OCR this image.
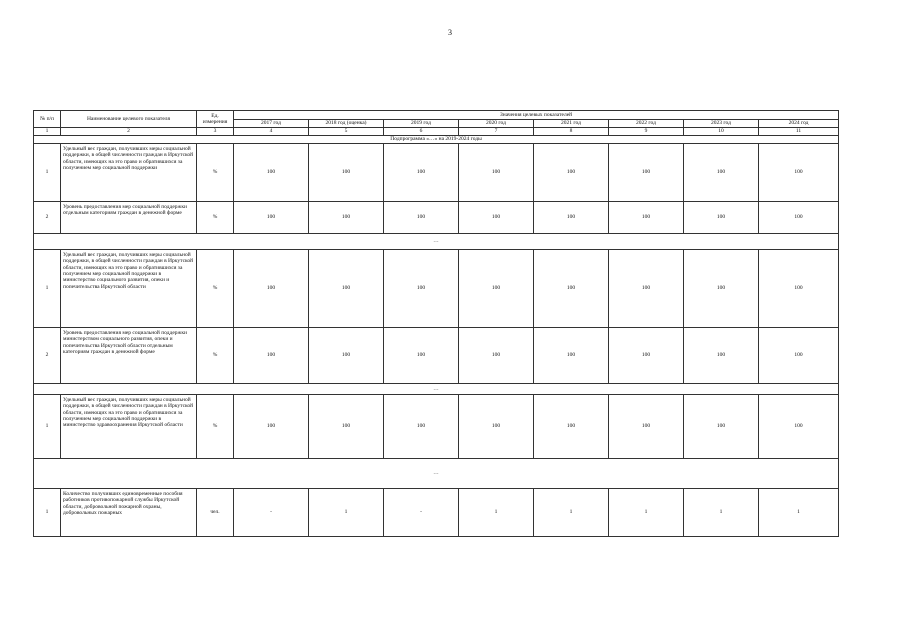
3
№ п/п	Наименование целевого показателя	Ед. измерения	Значения целевых показателей							
			2017 год	2018 год (оценка)	2019 год	2020 год	2021 год	2022 год	2023 год	2024 год
1	2	3	4	5	6	7	8	9	10	11
Подпрограмма «…» на 2019-2024 годы										
1	Удельный вес граждан, получивших меры социальной поддержки, в общей численности граждан в Иркутской области, имеющих на это право и обратившихся за получением мер социальной поддержки	%	100	100	100	100	100	100	100	100
2	Уровень предоставления мер социальной поддержки отдельным категориям граждан в денежной форме	%	100	100	100	100	100	100	100	100
…										
1	Удельный вес граждан, получивших меры социальной поддержки, в общей численности граждан в Иркутской области, имеющих на это право и обратившихся за получением мер социальной поддержки в министерство социального развития, опеки и попечительства Иркутской области	%	100	100	100	100	100	100	100	100
2	Уровень предоставления мер социальной поддержки министерством социального развития, опеки и попечительства Иркутской области отдельным категориям граждан в денежной форме	%	100	100	100	100	100	100	100	100
…										
1	Удельный вес граждан, получивших меры социальной поддержки, в общей численности граждан в Иркутской области, имеющих на это право и обратившихся за получением мер социальной поддержки в министерство здравоохранения Иркутской области	%	100	100	100	100	100	100	100	100
…										
1	Количество получивших единовременные пособия работников противопожарной службы Иркутской области, добровольной пожарной охраны, добровольных пожарных	чел.	-	1	-	1	1	1	1	1
